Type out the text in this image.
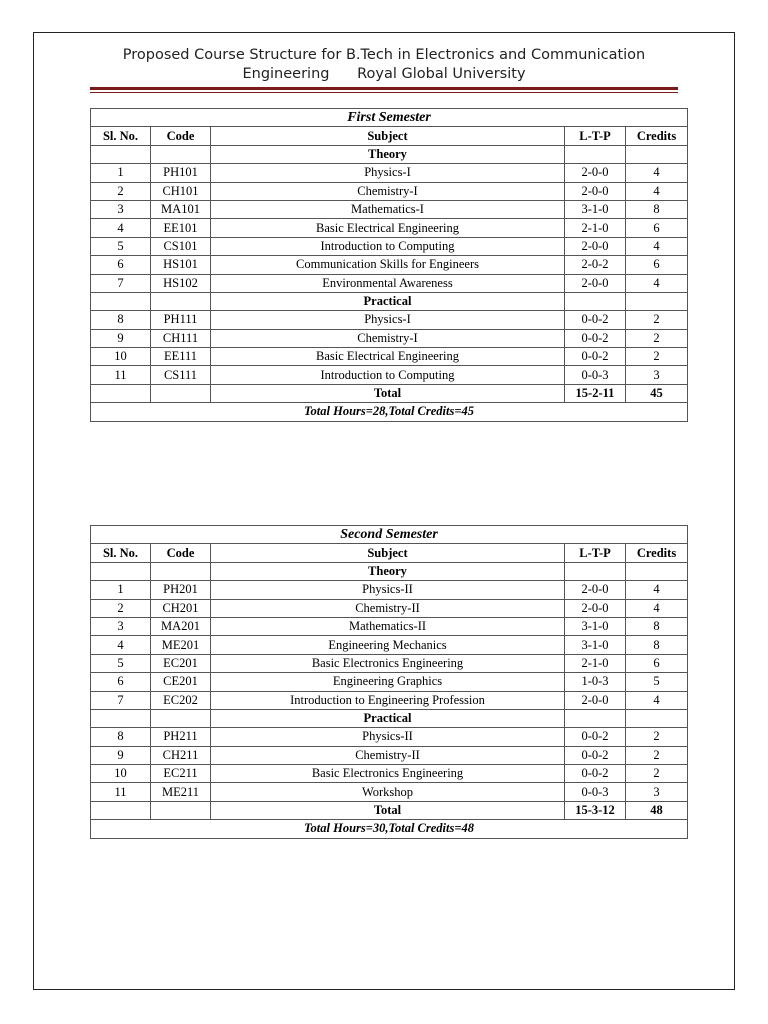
Proposed Course Structure for B.Tech in Electronics and Communication
Engineering      Royal Global University
First Semester				
Sl. No.	Code	Subject	L-T-P	Credits
		Theory		
1	PH101	Physics-I	2-0-0	4
2	CH101	Chemistry-I	2-0-0	4
3	MA101	Mathematics-I	3-1-0	8
4	EE101	Basic Electrical Engineering	2-1-0	6
5	CS101	Introduction to Computing	2-0-0	4
6	HS101	Communication Skills for Engineers	2-0-2	6
7	HS102	Environmental Awareness	2-0-0	4
		Practical		
8	PH111	Physics-I	0-0-2	2
9	CH111	Chemistry-I	0-0-2	2
10	EE111	Basic Electrical Engineering	0-0-2	2
11	CS111	Introduction to Computing	0-0-3	3
		Total	15-2-11	45
Total Hours=28,Total Credits=45				
Second Semester				
Sl. No.	Code	Subject	L-T-P	Credits
		Theory		
1	PH201	Physics-II	2-0-0	4
2	CH201	Chemistry-II	2-0-0	4
3	MA201	Mathematics-II	3-1-0	8
4	ME201	Engineering Mechanics	3-1-0	8
5	EC201	Basic Electronics Engineering	2-1-0	6
6	CE201	Engineering Graphics	1-0-3	5
7	EC202	Introduction to Engineering Profession	2-0-0	4
		Practical		
8	PH211	Physics-II	0-0-2	2
9	CH211	Chemistry-II	0-0-2	2
10	EC211	Basic Electronics Engineering	0-0-2	2
11	ME211	Workshop	0-0-3	3
		Total	15-3-12	48
Total Hours=30,Total Credits=48				
